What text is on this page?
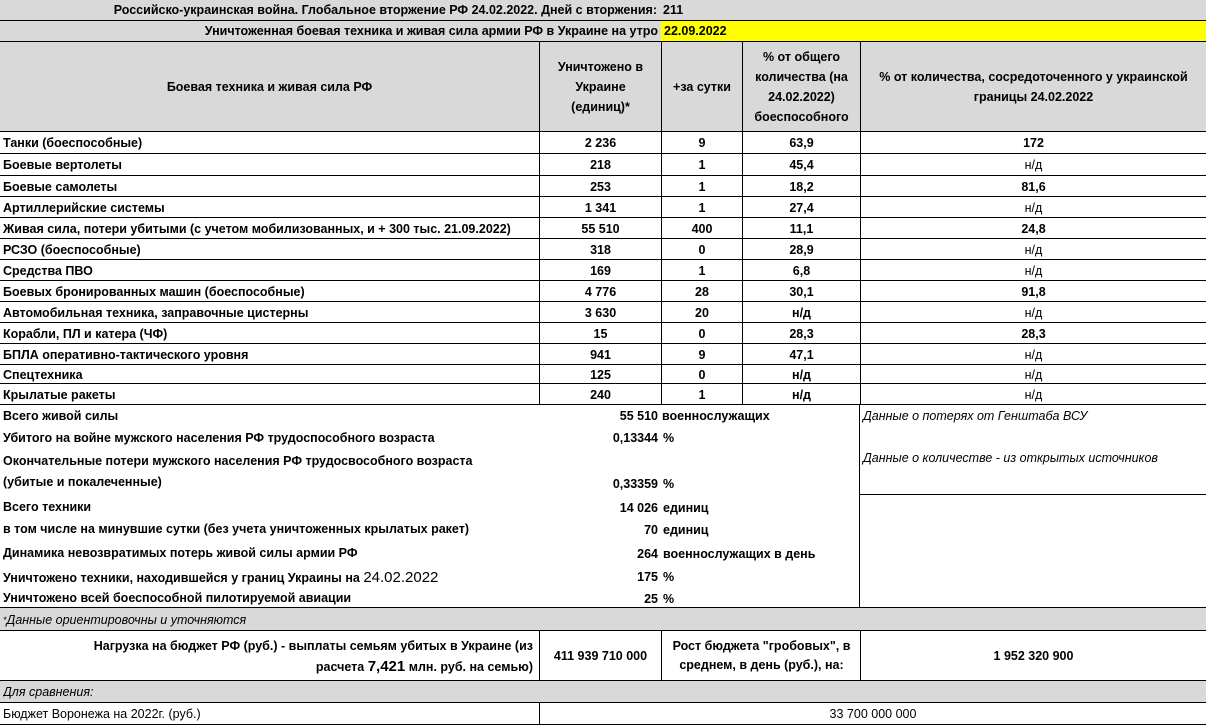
Российско-украинская война. Глобальное вторжение РФ 24.02.2022. Дней с вторжения: 211
Уничтоженная боевая техника и живая сила армии РФ в Украине на утро 22.09.2022
Боевая техника и живая сила РФ
Уничтожено в Украине (единиц)*
+за сутки
% от общего количества (на 24.02.2022) боеспособного
% от количества, сосредоточенного у украинской границы 24.02.2022
Танки (боеспособные)	2 236	9	63,9	172
Боевые вертолеты	218	1	45,4	н/д
Боевые самолеты	253	1	18,2	81,6
Артиллерийские системы	1 341	1	27,4	н/д
Живая сила, потери убитыми (с учетом мобилизованных, и + 300 тыс. 21.09.2022)	55 510	400	11,1	24,8
РСЗО (боеспособные)	318	0	28,9	н/д
Средства ПВО	169	1	6,8	н/д
Боевых бронированных машин (боеспособные)	4 776	28	30,1	91,8
Автомобильная техника, заправочные цистерны	3 630	20	н/д	н/д
Корабли, ПЛ и катера (ЧФ)	15	0	28,3	28,3
БПЛА оперативно-тактического уровня	941	9	47,1	н/д
Спецтехника	125	0	н/д	н/д
Крылатые ракеты	240	1	н/д	н/д
Данные о потерях от Генштаба ВСУ
Данные о количестве - из открытых источников
Всего живой силы	55 510 военнослужащих
Убитого на войне мужского населения РФ трудоспособного возраста	0,13344 %
Окончательные потери мужского населения РФ трудосвособного возраста
(убитые и покалеченные)	0,33359 %
Всего техники	14 026 единиц
в том числе на минувшие сутки (без учета уничтоженных крылатых ракет)	70 единиц
Динамика невозвратимых потерь живой силы армии РФ	264 военнослужащих в день
Уничтожено техники, находившейся у границ Украины на 24.02.2022	175 %
Уничтожено всей боеспособной пилотируемой авиации	25 %
* Данные ориентировочны и уточняются
Нагрузка на бюджет РФ (руб.) - выплаты семьям убитых в Украине (из
расчета 7,421 млн. руб. на семью)
411 939 710 000
Рост бюджета "гробовых", в
среднем, в день (руб.), на:
1 952 320 900
Для сравнения:
Бюджет Воронежа на 2022г. (руб.)	33 700 000 000
